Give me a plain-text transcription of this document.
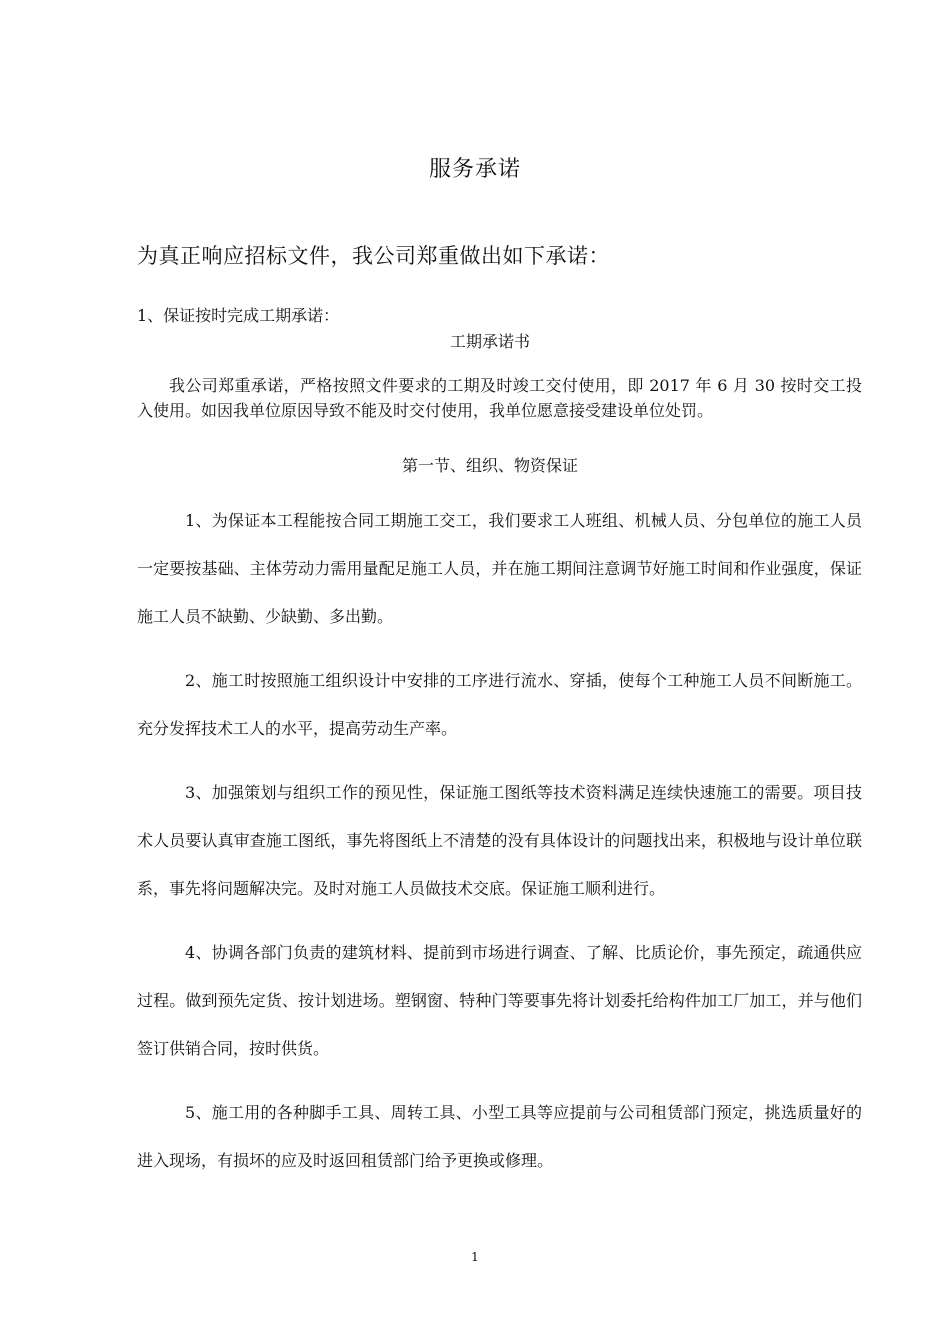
服务承诺
为真正响应招标文件，我公司郑重做出如下承诺：
1、保证按时完成工期承诺：
工期承诺书
我公司郑重承诺，严格按照文件要求的工期及时竣工交付使用，即 2017 年 6 月 30 按时交工投入使用。如因我单位原因导致不能及时交付使用，我单位愿意接受建设单位处罚。
第一节、组织、物资保证

1、为保证本工程能按合同工期施工交工，我们要求工人班组、机械人员、分包单位的施工人员一定要按基础、主体劳动力需用量配足施工人员，并在施工期间注意调节好施工时间和作业强度，保证施工人员不缺勤、少缺勤、多出勤。

2、施工时按照施工组织设计中安排的工序进行流水、穿插，使每个工种施工人员不间断施工。充分发挥技术工人的水平，提高劳动生产率。

3、加强策划与组织工作的预见性，保证施工图纸等技术资料满足连续快速施工的需要。项目技术人员要认真审查施工图纸，事先将图纸上不清楚的没有具体设计的问题找出来，积极地与设计单位联系，事先将问题解决完。及时对施工人员做技术交底。保证施工顺利进行。

4、协调各部门负责的建筑材料、提前到市场进行调查、了解、比质论价，事先预定，疏通供应过程。做到预先定货、按计划进场。塑钢窗、特种门等要事先将计划委托给构件加工厂加工，并与他们签订供销合同，按时供货。

5、施工用的各种脚手工具、周转工具、小型工具等应提前与公司租赁部门预定，挑选质量好的进入现场，有损坏的应及时返回租赁部门给予更换或修理。

1
